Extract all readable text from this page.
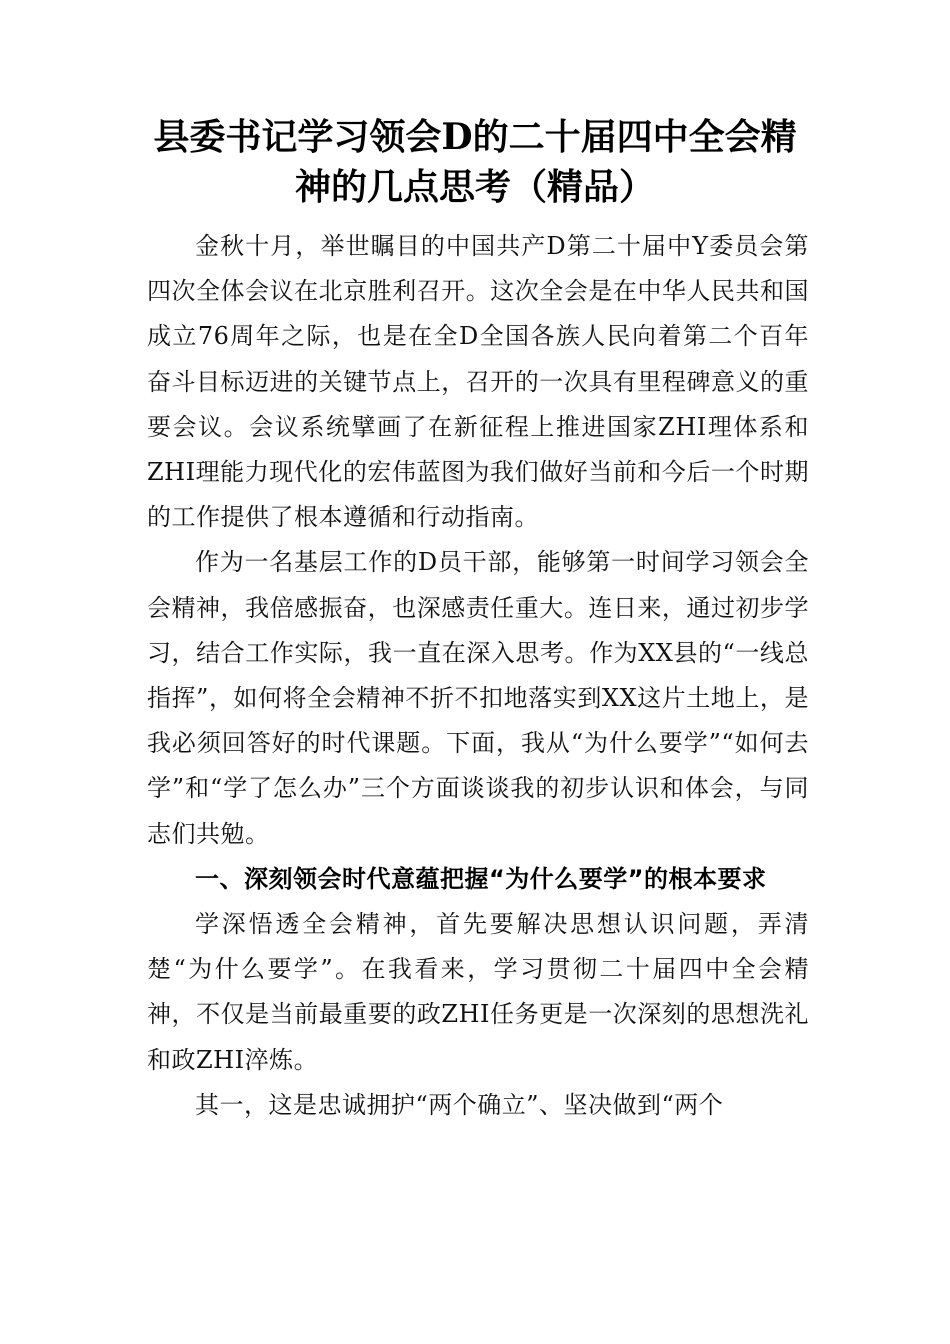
县委书记学习领会D的二十届四中全会精神的几点思考（精品）

金秋十月，举世瞩目的中国共产D第二十届中Y委员会第四次全体会议在北京胜利召开。这次全会是在中华人民共和国成立76周年之际，也是在全D全国各族人民向着第二个百年奋斗目标迈进的关键节点上，召开的一次具有里程碑意义的重要会议。会议系统擘画了在新征程上推进国家ZHI理体系和ZHI理能力现代化的宏伟蓝图为我们做好当前和今后一个时期的工作提供了根本遵循和行动指南。

作为一名基层工作的D员干部，能够第一时间学习领会全会精神，我倍感振奋，也深感责任重大。连日来，通过初步学习，结合工作实际，我一直在深入思考。作为XX县的“一线总指挥”，如何将全会精神不折不扣地落实到XX这片土地上，是我必须回答好的时代课题。下面，我从“为什么要学”“如何去学”和“学了怎么办”三个方面谈谈我的初步认识和体会，与同志们共勉。

一、深刻领会时代意蕴把握“为什么要学”的根本要求

学深悟透全会精神，首先要解决思想认识问题，弄清楚“为什么要学”。在我看来，学习贯彻二十届四中全会精神，不仅是当前最重要的政ZHI任务更是一次深刻的思想洗礼和政ZHI淬炼。

其一，这是忠诚拥护“两个确立”、坚决做到“两个
